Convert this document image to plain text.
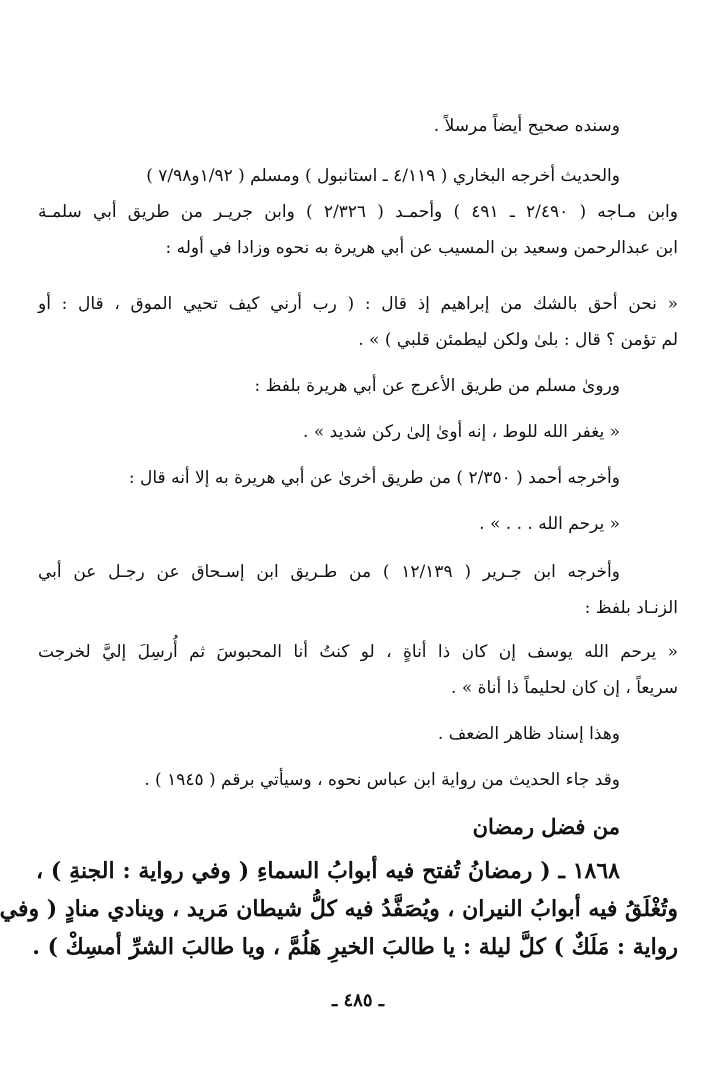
وسنده صحيح أيضاً مرسلاً .
والحديث أخرجه البخاري ( ٤/١١٩ ـ استانبول ) ومسلم ( ١/٩٢و٧/٩٨ )
وابن مـاجه ( ٢/٤٩٠ ـ ٤٩١ ) وأحمـد ( ٢/٣٢٦ ) وابن جريـر من طريق أبي سلمـة
ابن عبدالرحمن وسعيد بن المسيب عن أبي هريرة به نحوه وزادا في أوله :
« نحن أحق بالشك من إبراهيم إذ قال : ( رب أرني كيف تحيي الموق ، قال : أو
لم تؤمن ؟ قال : بلىٰ ولكن ليطمئن قلبي ) » .
وروىٰ مسلم من طريق الأعرج عن أبي هريرة بلفظ :
« يغفر الله للوط ، إنه أوىٰ إلىٰ ركن شديد » .
وأخرجه أحمد ( ٢/٣٥٠ ) من طريق أخرىٰ عن أبي هريرة به إلا أنه قال :
« يرحم الله . . . » .
وأخرجه ابن جـرير ( ١٢/١٣٩ ) من طـريق ابن إسـحاق عن رجـل عن أبي
الزنـاد بلفظ :
« يرحم الله يوسف إن كان ذا أناةٍ ، لو كنتُ أنا المحبوسَ ثم أُرسِلَ إليَّ لخرجت
سريعاً ، إن كان لحليماً ذا أناة » .
وهذا إسناد ظاهر الضعف .
وقد جاء الحديث من رواية ابن عباس نحوه ، وسيأتي برقم ( ١٩٤٥ ) .
من فضل رمضان
١٨٦٨ ـ ( رمضانُ تُفتح فيه أبوابُ السماءِ ( وفي رواية : الجنةِ ) ،
وتُغْلَقُ فيه أبوابُ النيران ، ويُصَفَّدُ فيه كلُّ شيطان مَريد ، وينادي منادٍ ( وفي
رواية : مَلَكٌ ) كلَّ ليلة : يا طالبَ الخيرِ هَلُمَّ ، ويا طالبَ الشرِّ أمسِكْ ) .
ـ ٤٨٥ ـ
